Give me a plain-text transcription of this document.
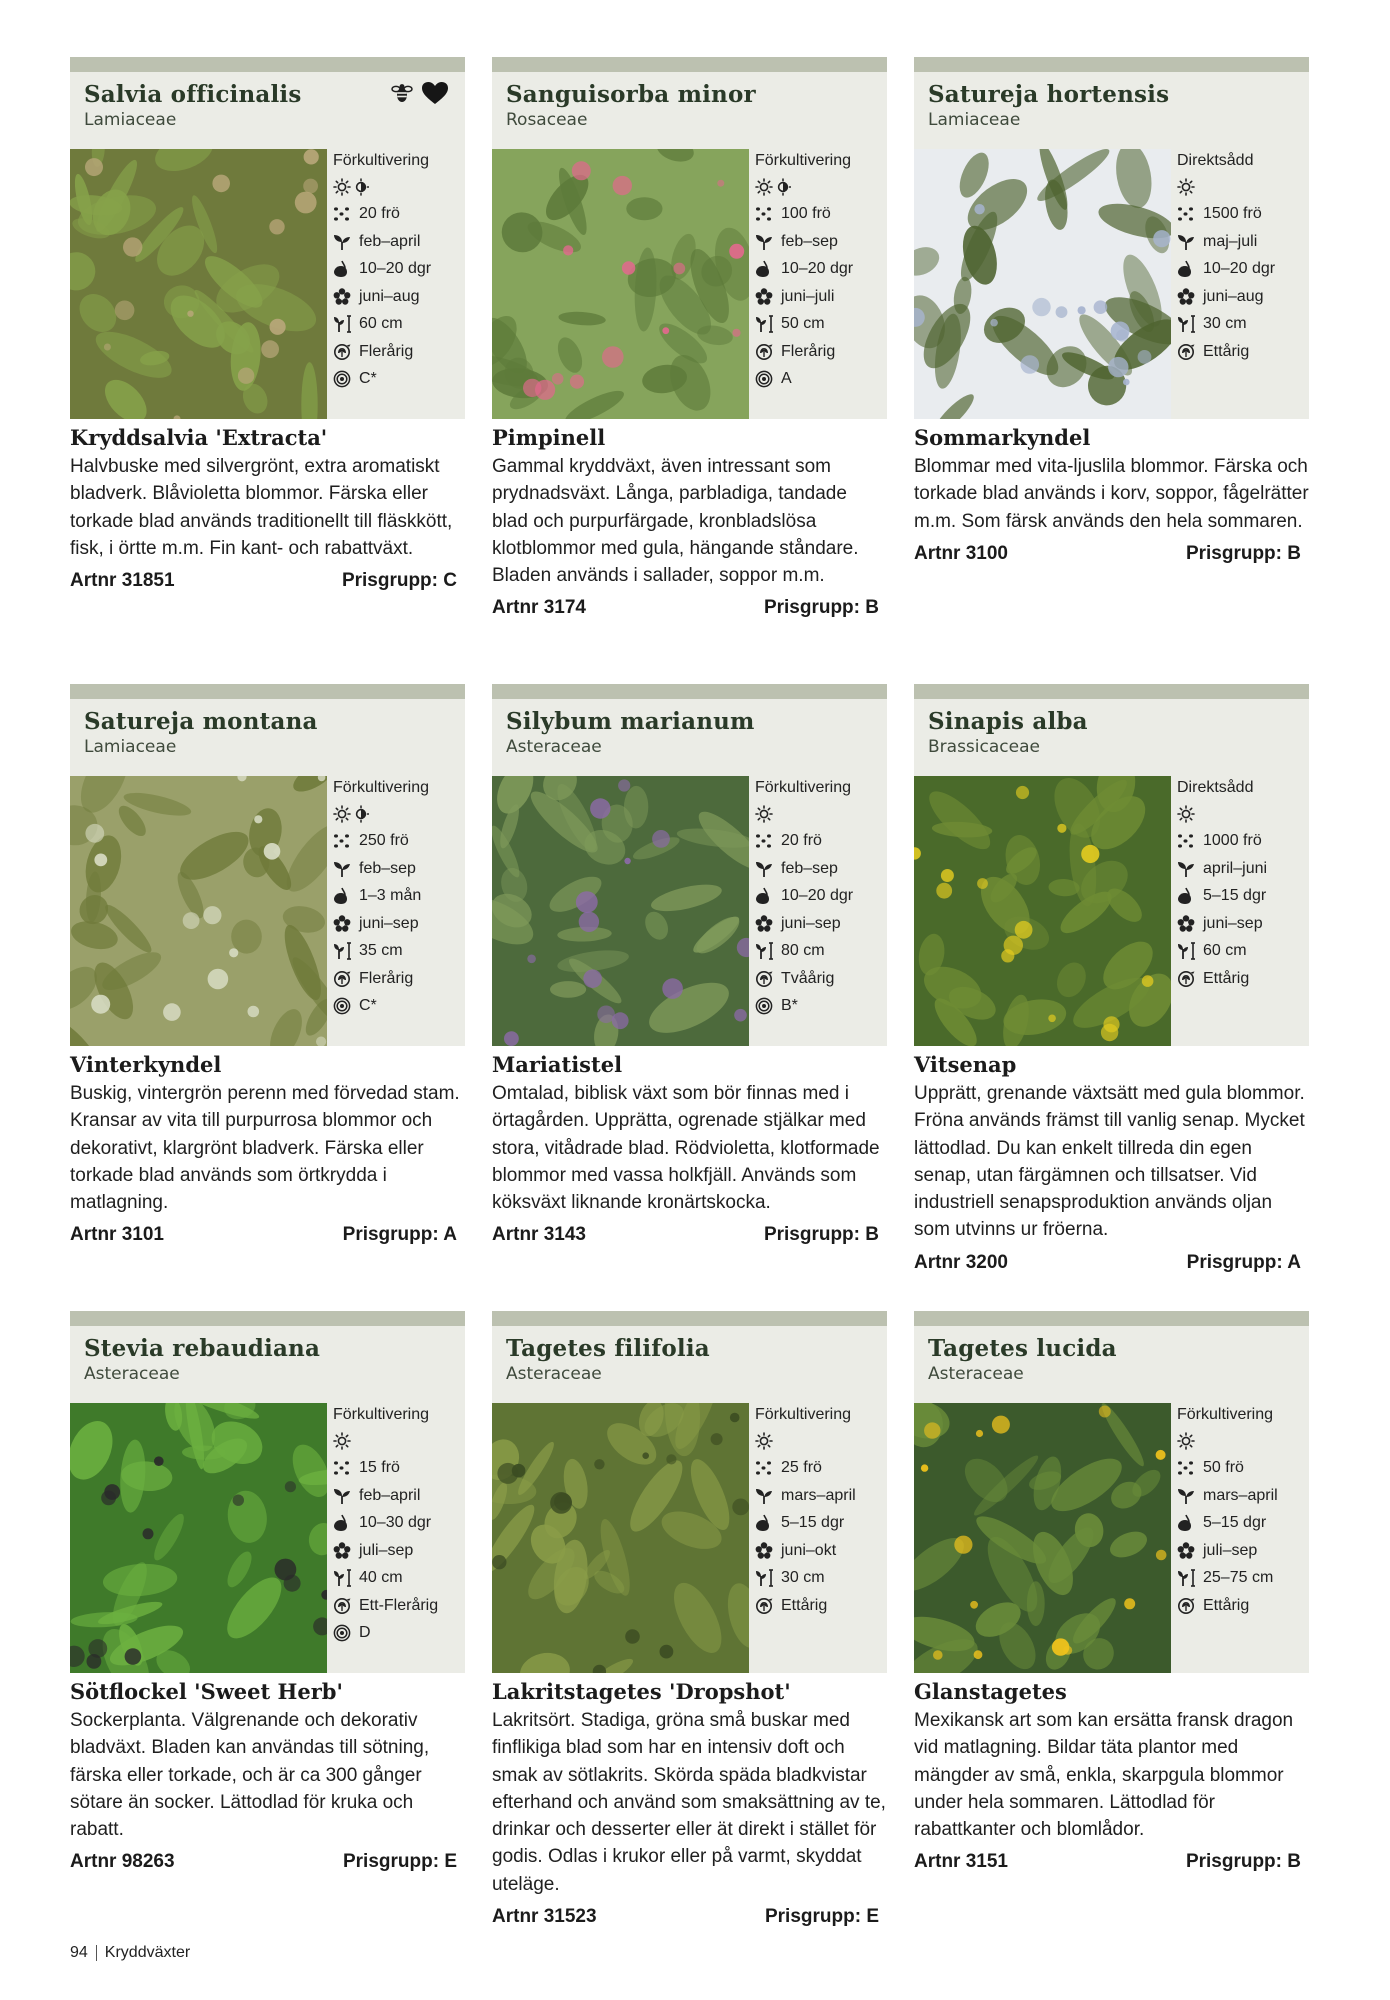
Salvia officinalis
Lamiaceae
Förkultivering
20 frö
feb–april
10–20 dgr
juni–aug
60 cm
Flerårig
C*
Kryddsalvia 'Extracta'
Halvbuske med silvergrönt, extra aromatiskt bladverk. Blåvioletta blommor. Färska eller torkade blad används traditionellt till fläskkött, fisk, i örtte m.m. Fin kant- och rabattväxt.
Artnr 31851	Prisgrupp: C
Sanguisorba minor
Rosaceae
Förkultivering
100 frö
feb–sep
10–20 dgr
juni–juli
50 cm
Flerårig
A
Pimpinell
Gammal kryddväxt, även intressant som prydnadsväxt. Långa, parbladiga, tandade blad och purpurfärgade, kronbladslösa klotblommor med gula, hängande ståndare. Bladen används i sallader, soppor m.m.
Artnr 3174	Prisgrupp: B
Satureja hortensis
Lamiaceae
Direktsådd
1500 frö
maj–juli
10–20 dgr
juni–aug
30 cm
Ettårig
Sommarkyndel
Blommar med vita-ljuslila blommor. Färska och torkade blad används i korv, soppor, fågelrätter m.m. Som färsk används den hela sommaren.
Artnr 3100	Prisgrupp: B
Satureja montana
Lamiaceae
Förkultivering
250 frö
feb–sep
1–3 mån
juni–sep
35 cm
Flerårig
C*
Vinterkyndel
Buskig, vintergrön perenn med förvedad stam. Kransar av vita till purpurrosa blommor och dekorativt, klargrönt bladverk. Färska eller torkade blad används som örtkrydda i matlagning.
Artnr 3101	Prisgrupp: A
Silybum marianum
Asteraceae
Förkultivering
20 frö
feb–sep
10–20 dgr
juni–sep
80 cm
Tvåårig
B*
Mariatistel
Omtalad, biblisk växt som bör finnas med i örtagården. Upprätta, ogrenade stjälkar med stora, vitådrade blad. Rödvioletta, klotformade blommor med vassa holkfjäll. Används som köksväxt liknande kronärtskocka.
Artnr 3143	Prisgrupp: B
Sinapis alba
Brassicaceae
Direktsådd
1000 frö
april–juni
5–15 dgr
juni–sep
60 cm
Ettårig
Vitsenap
Upprätt, grenande växtsätt med gula blommor. Fröna används främst till vanlig senap. Mycket lättodlad. Du kan enkelt tillreda din egen senap, utan färgämnen och tillsatser. Vid industriell senapsproduktion används oljan som utvinns ur fröerna.
Artnr 3200	Prisgrupp: A
Stevia rebaudiana
Asteraceae
Förkultivering
15 frö
feb–april
10–30 dgr
juli–sep
40 cm
Ett-Flerårig
D
Sötflockel 'Sweet Herb'
Sockerplanta. Välgrenande och dekorativ bladväxt. Bladen kan användas till sötning, färska eller torkade, och är ca 300 gånger sötare än socker. Lättodlad för kruka och rabatt.
Artnr 98263	Prisgrupp: E
Tagetes filifolia
Asteraceae
Förkultivering
25 frö
mars–april
5–15 dgr
juni–okt
30 cm
Ettårig
Lakritstagetes 'Dropshot'
Lakritsört. Stadiga, gröna små buskar med finflikiga blad som har en intensiv doft och smak av sötlakrits. Skörda späda bladkvistar efterhand och använd som smaksättning av te, drinkar och desserter eller ät direkt i stället för godis. Odlas i krukor eller på varmt, skyddat uteläge.
Artnr 31523	Prisgrupp: E
Tagetes lucida
Asteraceae
Förkultivering
50 frö
mars–april
5–15 dgr
juli–sep
25–75 cm
Ettårig
Glanstagetes
Mexikansk art som kan ersätta fransk dragon vid matlagning. Bildar täta plantor med mängder av små, enkla, skarpgula blommor under hela sommaren. Lättodlad för rabattkanter och blomlådor.
Artnr 3151	Prisgrupp: B
94 Kryddväxter
